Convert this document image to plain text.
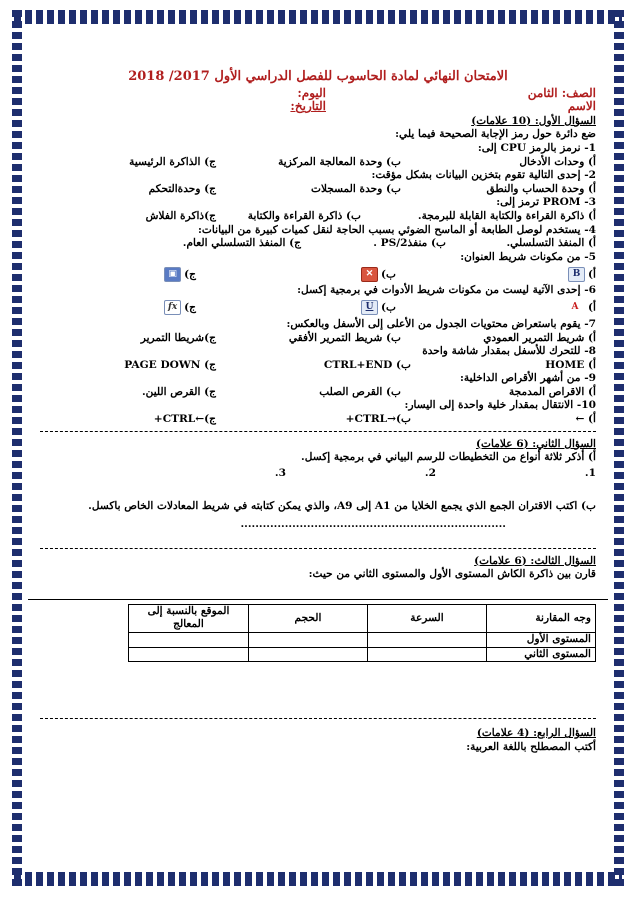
الامتحان النهائي لمادة الحاسوب للفصل الدراسي الأول 2017/ 2018
الصف: الثامن
اليوم:
الاسم
التاريخ:
السؤال الأول: (10 علامات)
ضع دائرة حول رمز الإجابة الصحيحة فيما يلي:
1- نرمز بالرمز CPU إلى:
أ) وحدات الأدخال
ب) وحدة المعالجة المركزية
ج) الذاكرة الرئيسية
2- إحدى التالية تقوم بتخزين البيانات بشكل مؤقت:
أ) وحدة الحساب والنطق
ب) وحدة المسجلات
ج) وحدةالتحكم
3- PROM ترمز إلى:
أ) ذاكرة القراءة والكتابة القابلة للبرمجة.
ب) ذاكرة القراءة والكتابة
ج)ذاكرة الفلاش
4- يستخدم لوصل الطابعة أو الماسح الضوئي بسبب الحاجة لنقل كميات كبيرة من البيانات:
أ) المنفذ التسلسلي.
ب) منفذPS/2 .
ج) المنفذ التسلسلي العام.
5- من مكونات شريط العنوان:
أ)B
ب)✕
ج)▣
6- إحدى الآتية ليست من مكونات شريط الأدوات في برمجية إكسل:
أ)A
ب)U
ج)fx
7- يقوم باستعراض محتويات الجدول من الأعلى إلى الأسفل وبالعكس:
أ) شريط التمرير العمودي
ب) شريط التمرير الأفقي
ج)شريطا التمرير
8- للتحرك للأسفل بمقدار شاشة واحدة
أ) HOME
ب) CTRL+END
ج) PAGE DOWN
9- من أشهر الأقراص الداخلية:
أ) الاقراص المدمجة
ب) القرص الصلب
ج) القرص اللين.
10- الانتقال بمقدار خلية واحدة إلى اليسار:
أ) ←
ب)→CTRL+
ج)←CTRL+
السؤال الثاني: (6 علامات)
أ) أذكر ثلاثة أنواع من التخطيطات للرسم البياني في برمجية إكسل.
1.
2.
3.
ب) اكتب الاقتران الجمع الذي يجمع الخلايا من A1 إلى A9، والذي يمكن كتابته في شريط المعادلات الخاص باكسل.
........................................................................
السؤال الثالث: (6 علامات)
قارن بين ذاكرة الكاش المستوى الأول والمستوى الثاني من حيث:
وجه المقارنة	السرعة	الحجم	الموقع بالنسبة إلى المعالج
المستوى الأول			
المستوى الثاني			
السؤال الرابع: (4 علامات)
أكتب المصطلح باللغة العربية:
